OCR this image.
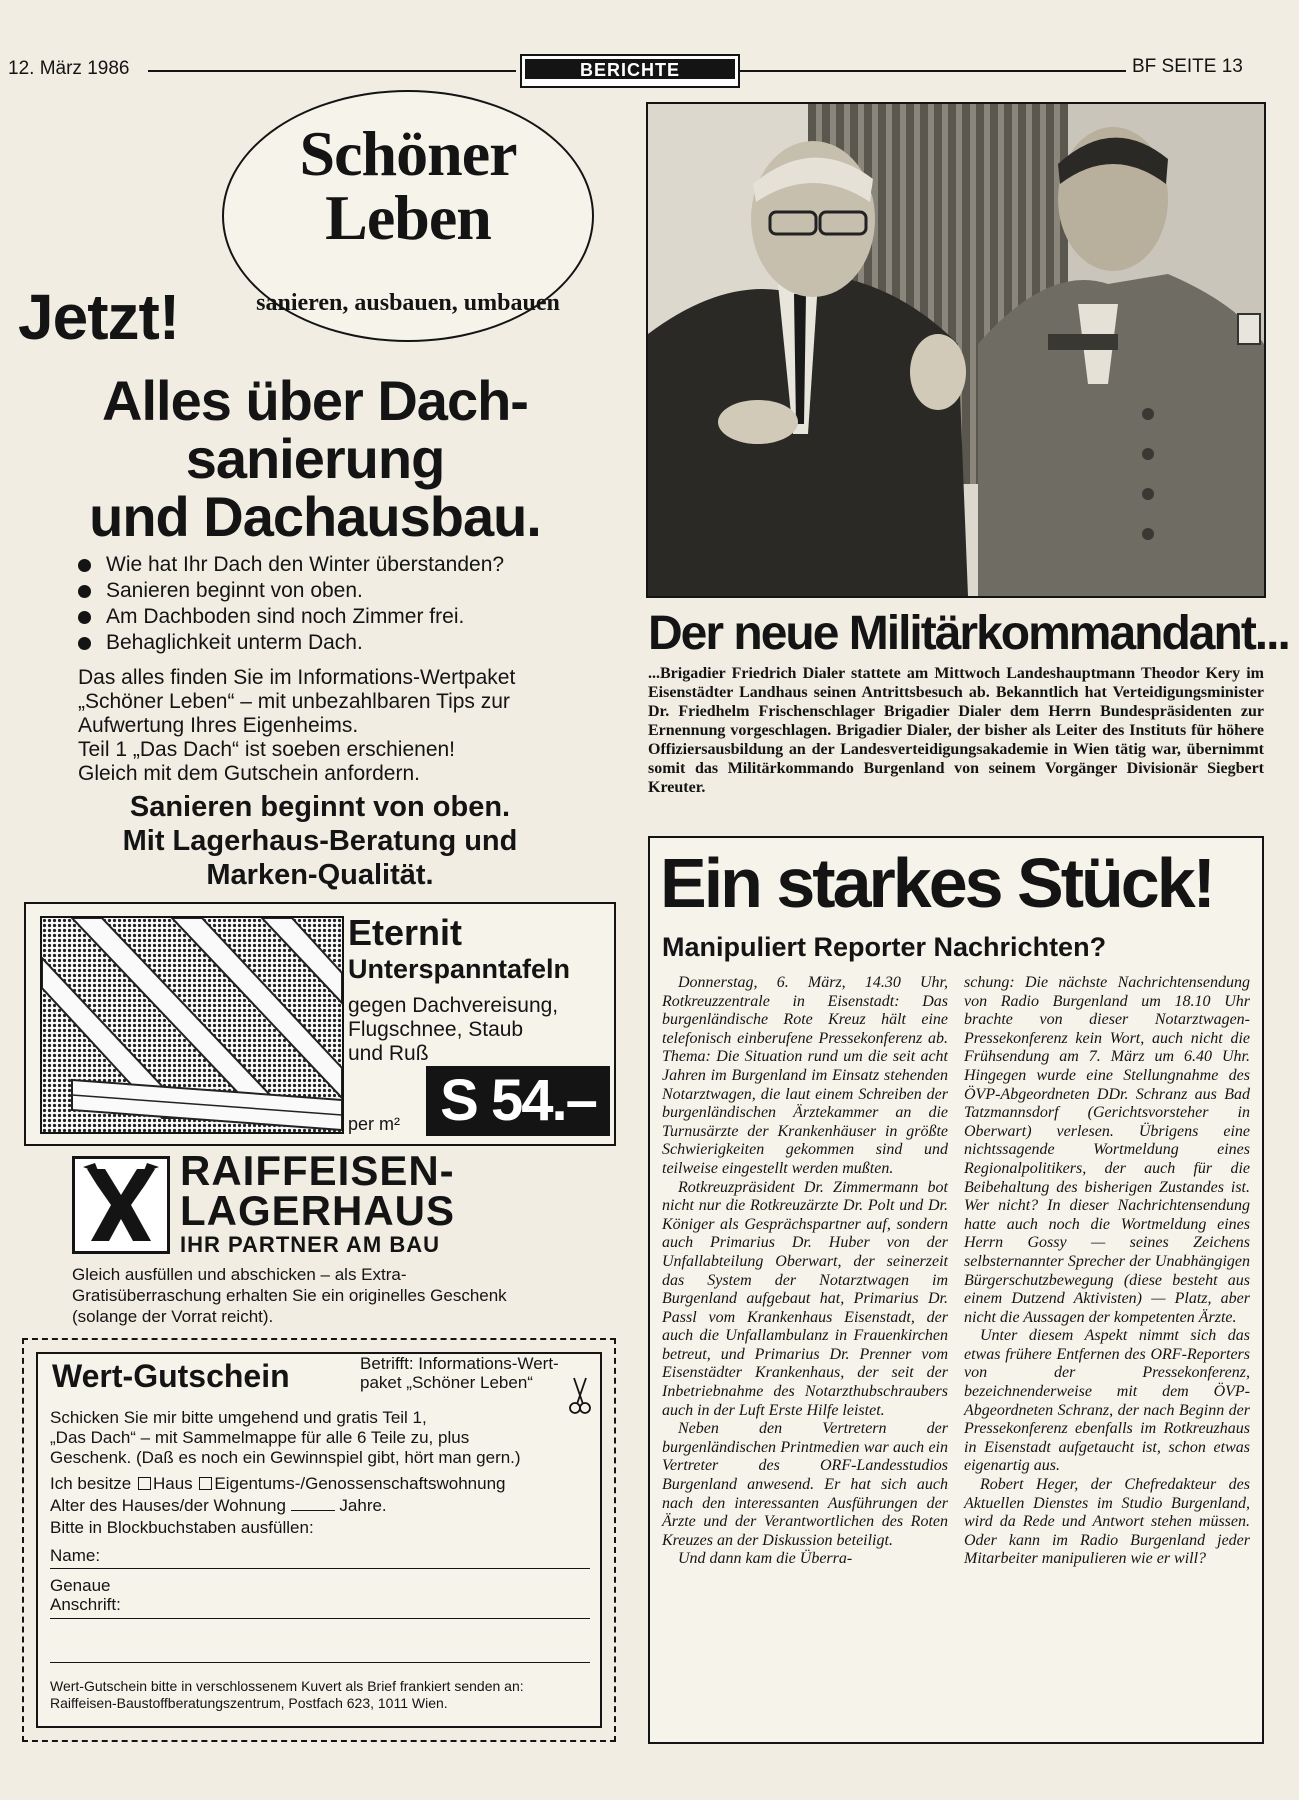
12. März 1986	BERICHTE	BF SEITE 13
Schöner
Leben
sanieren, ausbauen, umbauen
Jetzt!
Alles über Dach-
sanierung
und Dachausbau.
Wie hat Ihr Dach den Winter überstanden?
Sanieren beginnt von oben.
Am Dachboden sind noch Zimmer frei.
Behaglichkeit unterm Dach.
Das alles finden Sie im Informations-Wertpaket
„Schöner Leben“ – mit unbezahlbaren Tips zur
Aufwertung Ihres Eigenheims.
Teil 1 „Das Dach“ ist soeben erschienen!
Gleich mit dem Gutschein anfordern.
Sanieren beginnt von oben.
Mit Lagerhaus-Beratung und
Marken-Qualität.
Eternit
Unterspanntafeln
gegen Dachvereisung,
Flugschnee, Staub
und Ruß
per m² S 54.–
RAIFFEISEN-
LAGERHAUS
IHR PARTNER AM BAU
Gleich ausfüllen und abschicken – als Extra-
Gratisüberraschung erhalten Sie ein originelles Geschenk
(solange der Vorrat reicht).
Wert-Gutschein	Betrifft: Informations-Wert-
paket „Schöner Leben“
Schicken Sie mir bitte umgehend und gratis Teil 1,
„Das Dach“ – mit Sammelmappe für alle 6 Teile zu, plus
Geschenk. (Daß es noch ein Gewinnspiel gibt, hört man gern.)
Ich besitze Haus Eigentums-/Genossenschaftswohnung
Alter des Hauses/der Wohnung	Jahre.
Bitte in Blockbuchstaben ausfüllen:
Name:
Genaue
Anschrift:
Wert-Gutschein bitte in verschlossenem Kuvert als Brief frankiert senden an:
Raiffeisen-Baustoffberatungszentrum, Postfach 623, 1011 Wien.
Der neue Militärkommandant...
...Brigadier Friedrich Dialer stattete am Mittwoch Landeshauptmann Theodor Kery im Eisenstädter Landhaus seinen Antrittsbesuch ab. Bekanntlich hat Verteidigungsminister Dr. Friedhelm Frischenschlager Brigadier Dialer dem Herrn Bundespräsidenten zur Ernennung vorgeschlagen. Brigadier Dialer, der bisher als Leiter des Instituts für höhere Offiziersausbildung an der Landesverteidigungsakademie in Wien tätig war, übernimmt somit das Militärkommando Burgenland von seinem Vorgänger Divisionär Siegbert Kreuter.
Ein starkes Stück!
Manipuliert Reporter Nachrichten?

Donnerstag, 6. März, 14.30 Uhr, Rotkreuzzentrale in Eisenstadt: Das burgenländische Rote Kreuz hält eine telefonisch einberufene Pressekonferenz ab. Thema: Die Situation rund um die seit acht Jahren im Burgenland im Einsatz stehenden Notarztwagen, die laut einem Schreiben der burgenländischen Ärztekammer an die Turnusärzte der Krankenhäuser in größte Schwierigkeiten gekommen sind und teilweise eingestellt werden mußten.

Rotkreuzpräsident Dr. Zimmermann bot nicht nur die Rotkreuzärzte Dr. Polt und Dr. Königer als Gesprächspartner auf, sondern auch Primarius Dr. Huber von der Unfallabteilung Oberwart, der seinerzeit das System der Notarztwagen im Burgenland aufgebaut hat, Primarius Dr. Passl vom Krankenhaus Eisenstadt, der auch die Unfallambulanz in Frauenkirchen betreut, und Primarius Dr. Prenner vom Eisenstädter Krankenhaus, der seit der Inbetriebnahme des Notarzthubschraubers auch in der Luft Erste Hilfe leistet.

Neben den Vertretern der burgenländischen Printmedien war auch ein Vertreter des ORF-Landesstudios Burgenland anwesend. Er hat sich auch nach den interessanten Ausführungen der Ärzte und der Verantwortlichen des Roten Kreuzes an der Diskussion beteiligt.

Und dann kam die Überra-

schung: Die nächste Nachrichtensendung von Radio Burgenland um 18.10 Uhr brachte von dieser Notarztwagen-Pressekonferenz kein Wort, auch nicht die Frühsendung am 7. März um 6.40 Uhr. Hingegen wurde eine Stellungnahme des ÖVP-Abgeordneten DDr. Schranz aus Bad Tatzmannsdorf (Gerichtsvorsteher in Oberwart) verlesen. Übrigens eine nichtssagende Wortmeldung eines Regionalpolitikers, der auch für die Beibehaltung des bisherigen Zustandes ist. Wer nicht? In dieser Nachrichtensendung hatte auch noch die Wortmeldung eines Herrn Gossy — seines Zeichens selbsternannter Sprecher der Unabhängigen Bürgerschutzbewegung (diese besteht aus einem Dutzend Aktivisten) — Platz, aber nicht die Aussagen der kompetenten Ärzte.

Unter diesem Aspekt nimmt sich das etwas frühere Entfernen des ORF-Reporters von der Pressekonferenz, bezeichnenderweise mit dem ÖVP-Abgeordneten Schranz, der nach Beginn der Pressekonferenz ebenfalls im Rotkreuzhaus in Eisenstadt aufgetaucht ist, schon etwas eigenartig aus.

Robert Heger, der Chefredakteur des Aktuellen Dienstes im Studio Burgenland, wird da Rede und Antwort stehen müssen. Oder kann im Radio Burgenland jeder Mitarbeiter manipulieren wie er will?
